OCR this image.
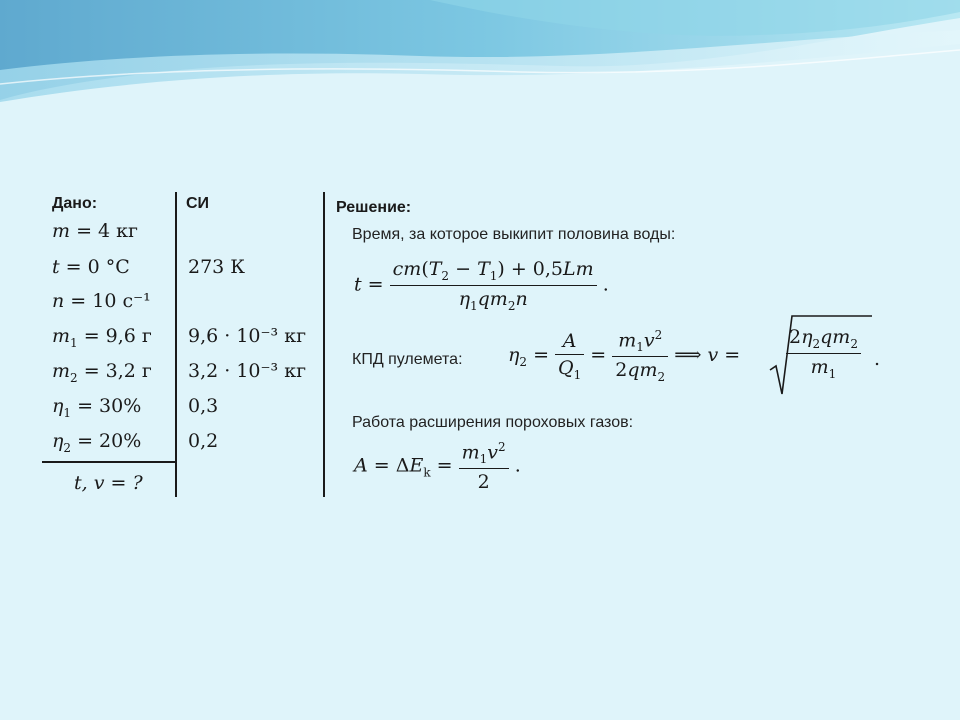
Дано:	СИ	Решение:
m = 4 кг
t = 0 °C
n = 10 с⁻¹
$m_1 = 9,6$ г
$m_2 = 3,2$ г
$\eta_1 = 30\%$
$\eta_2 = 20\%$
t, v = ?
273 К
9,6 · 10⁻³ кг
3,2 · 10⁻³ кг
0,3
0,2
Время, за которое выкипит половина воды:
$t = \frac{cm(T_2 - T_1) + 0,5Lm}{\eta_1qm_2n}$ .
КПД пулемета: $\eta_2 = \frac{A}{Q_1} = \frac{m_1v^2}{2qm_2}$ ⟹ $v = \frac{2\eta_2qm_2}{m_1}$ .
Работа расширения пороховых газов:
$A = \Delta E_k = \frac{m_1v^2}{2}$ .
